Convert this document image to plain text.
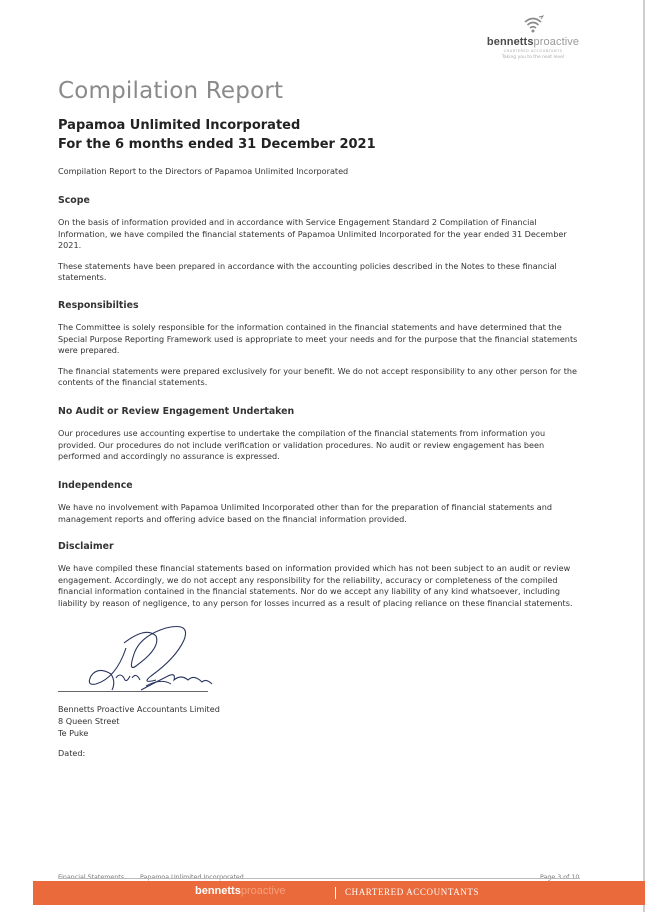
bennettsproactive
CHARTERED ACCOUNTANTS
Taking you to the next level
Compilation Report
Papamoa Unlimited Incorporated
For the 6 months ended 31 December 2021
Compilation Report to the Directors of Papamoa Unlimited Incorporated
Scope

On the basis of information provided and in accordance with Service Engagement Standard 2 Compilation of Financial Information, we have compiled the financial statements of Papamoa Unlimited Incorporated for the year ended 31 December 2021.

These statements have been prepared in accordance with the accounting policies described in the Notes to these financial statements.

Responsibilties

The Committee is solely responsible for the information contained in the financial statements and have determined that the Special Purpose Reporting Framework used is appropriate to meet your needs and for the purpose that the financial statements were prepared.

The financial statements were prepared exclusively for your benefit. We do not accept responsibility to any other person for the contents of the financial statements.

No Audit or Review Engagement Undertaken

Our procedures use accounting expertise to undertake the compilation of the financial statements from information you provided. Our procedures do not include verification or validation procedures. No audit or review engagement has been performed and accordingly no assurance is expressed.

Independence

We have no involvement with Papamoa Unlimited Incorporated other than for the preparation of financial statements and management reports and offering advice based on the financial information provided.

Disclaimer

We have compiled these financial statements based on information provided which has not been subject to an audit or review engagement. Accordingly, we do not accept any responsibility for the reliability, accuracy or completeness of the compiled financial information contained in the financial statements. Nor do we accept any liability of any kind whatsoever, including liability by reason of negligence, to any person for losses incurred as a result of placing reliance on these financial statements.

Bennetts Proactive Accountants Limited
8 Queen Street
Te Puke
Dated:
Financial Statements	Papamoa Unlimited Incorporated	Page 3 of 10
bennettsproactive	CHARTERED ACCOUNTANTS
